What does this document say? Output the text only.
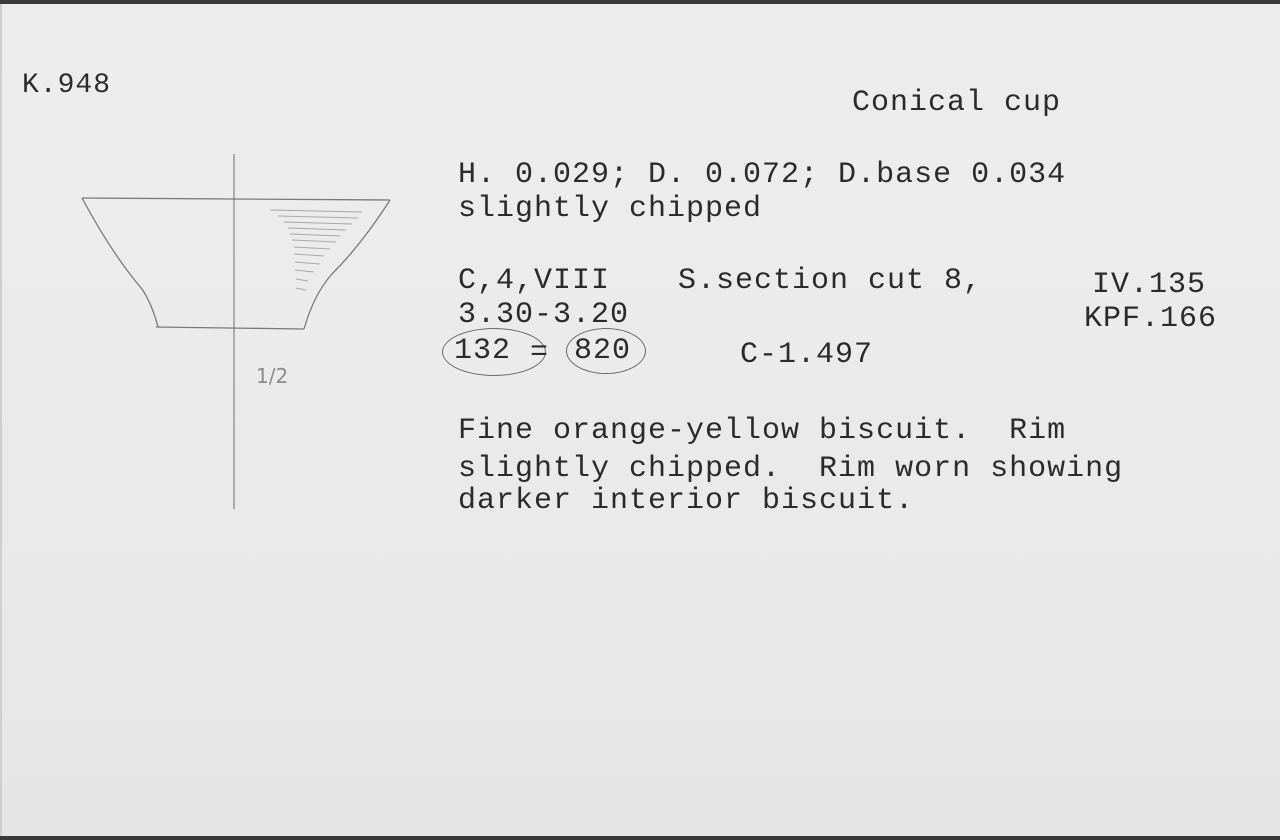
1/2
K.948
Conical cup
H. 0.029; D. 0.072; D.base 0.034
slightly chipped
C,4,VIII S.section cut 8,	IV.135
3.30-3.20	KPF.166
132 = 820	C-1.497
Fine orange-yellow biscuit.  Rim
slightly chipped.  Rim worn showing
darker interior biscuit.
